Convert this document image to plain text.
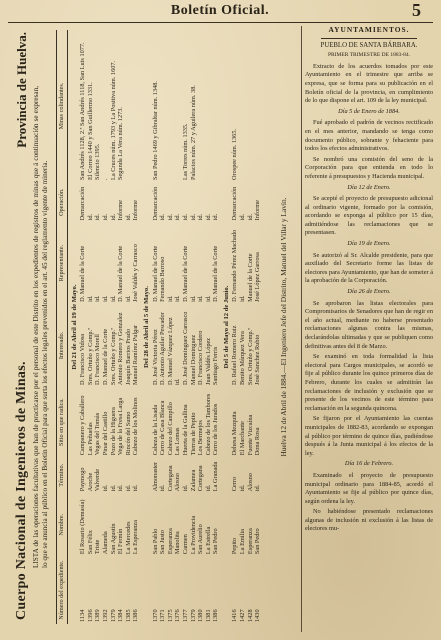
Boletín Oficial.	5
Cuerpo Nacional de Ingenieros de Minas.
Provincia de Huelva. LISTA de las operaciones facultativas que han de practicarse por el personal de este Distrito en los expedientes de registros de minas que á continuación se expresan, lo que se anuncia al público en el Boletín Oficial para que surta los efectos legales prevenidos en el art. 45 del reglamento vigente de minería.
Número del expediente.	Nombre.	Término.	Sitio en que radica.	Interesado.	Representante.	Operación.	Minas colindantes.
Del 21 de Abril al 19 de Mayo.							
1134	El Rosario (Demasía)	Paymogo	Campanero y Caballero	D. Francisco Vidosa	D. Manuel de la Corte	Demarcación	San Andrés 1128, 2.ª San Andrés 1118, San Luis 1077.
1396	San Félix	Aroche	Las Peñuelas	Sres. Ortuño y Comp.ª	id.	id.	El Correo 1440 y San Guillermo 1331.
1389	Triste	Valverde	Vegas del Tomás	D. Francisco Morell	id.	id.	Silencio 1395.
1392	Alameda	id.	Pinar del Castillo	D. Manuel de la Corte	id.	id.	.
1379	San Agustín	id.	Pozo de la Higuera	Sres. Ortuño y Comp.ª	id.	id.	La Cruces núm. 1793 y La Positiva núm. 1607.
1384	El Fermín	id.	Vega de la Fresa Larga	Antonio Romero y Gonzalez	D. Manuel de la Corte	Informe	Segunda La Vera núm. 1273.
1385	La Mercedes	id.	Rincón del Sumo	Joaquín Barrios Prado	id.	id.	
1386	La Esperanza	id.	Cabezo de los Molinos	Manuel Ramírez Pulgar	José Valdés y Carrasco	Informe	
Del 28 de Abril al 5 de Mayo.							
1370	San Pablo	Almonaster	Cabeza de la Lisada	D. José Victoria Pérez	D. Manuel de la Corte	Demarcación	San Pedro 1469 y Gibraltar núm. 1348.
1371	San Justo	id.	Cerro de Casa Blanca	D. Antonio Aguilar Pescador	Fernando Barroso	id.	
1375	Esperanza	Cortegana	Cabezo del Campillo	D. Manuel Vázquez López	id.	id.	
1376	Manolita	Alosno	Las Lomas	id.	id.	id.	
1377	Carmen	id.	Huerta de la Gallina	D. José Dominguez Carrasco	D. Manuel de la Corte	id.	Las Torres núm. 1335.
1379	La Providencia	Zalamea	Tierras de Pepito	Manuel Dominguez	id.	id.	Palacios núm. 27 y Aguilera núm. 38.
1380	San Aurelio	Cortegana	Los Bermejos	D. Francisco Cordero	id.	id.	
1381	La Estrella	id.	Cabezo de los Tambores	Juan Valdés López	id.	id.	
1386	San Pedro	La Granada	Cerro de los Jurados	Santiago Ferris	D. Manuel de la Corte	id.	
Del 5 de Mayo al 12 de Junio.							
1416	Pepito	Cerro	Dehesa Mezquita	D. Rafael Romero Ruiz	D. Fernando Pérez Machado	Demarcación	Orospee núm. 1365.
1427	La Emilia	id.	El Marchante	Benito Márquez Vera	id.	id.	
1428	Esperanza	Alosno	Fuente Vizcaína	Sres. Ortuño y Comp.ª	Manuel de la Corte	id.	
1430	San Pedro	id.	Dona Rosa	José Sanchez Rubio	José López Garrosa	Informe	Huelva 12 de Abril de 1884.—El Ingeniero Jefe del Distrito, Manuel del Villar y Lavín.
AYUNTAMIENTOS.
PUEBLO DE SANTA BÁRBARA.
PRIMER TRIMESTRE DE 1883-84.

Extracto de los acuerdos tomados por este Ayuntamiento en el trimestre que arriba se expresa, que se forma para su publicación en el Boletín oficial de la provincia, en cumplimiento de lo que dispone el art. 109 de la ley municipal.

Día 5 de Enero de 1884.

Fué aprobado el padrón de vecinos rectificado en el mes anterior, mandando se tenga como documento público, sobrante y fehaciente para todos los efectos administrativos.

Se nombró una comisión del seno de la Corporación para que entienda en todo lo referente á presupuestos y Hacienda municipal.

Día 12 de Enero.

Se acepté el proyecto de presupuesto adicional al ordinario vigente, formado por la comisión, acordando se exponga al público por 15 días, admitiéndose las reclamaciones que se presentasen.

Día 19 de Enero.

Se autorizó al Sr. Alcalde presidente, para que auxiliado del Secretario forme las listas de electores para Ayuntamiento, que han de someter á la aprobación de la Corporación.

Día 26 de Enero.

Se aprobaron las listas electorales para Compromisarios de Senadores que han de regir en el año actual, mediante no haberse presentado reclamaciones algunas contra las mismas, declarándolas ultimadas y que se publiquen como definitivas antes del 8 de Marzo.

Se examinó en toda formalidad la lista electoral para Cargos municipales, se acordó se fije al público durante los quince primeros días de Febrero, durante los cuales se admitirán las reclamaciones de inclusión y exclusión que se presente de los vecinos de este término para reclamación en la segunda quincena.

Se fijaron por el Ayuntamiento las cuentas municipales de 1882-83, acordando se expongan al público por término de quince días, pudiéndose después á la Junta municipal á los efectos de la ley.

Día 16 de Febrero.

Examinado el proyecto de presupuesto municipal ordinario para 1884-85, acordó el Ayuntamiento se fije al público por quince días, según ordena la ley.

No habiéndose presentado reclamaciones algunas de inclusión ni exclusión á las listas de electores mu-
